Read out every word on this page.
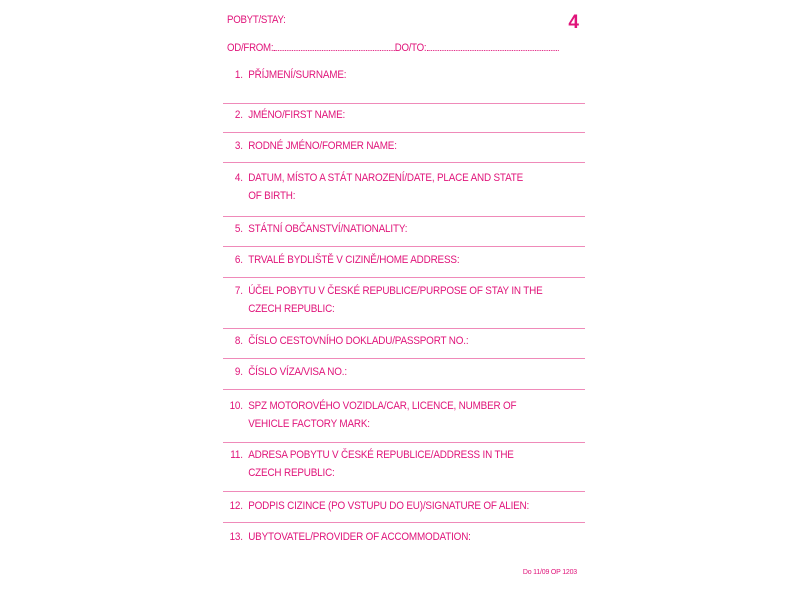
POBYT/STAY:	4
OD/FROM:	DO/TO:
1. PŘÍJMENÍ/SURNAME:
2. JMÉNO/FIRST NAME:
3. RODNÉ JMÉNO/FORMER NAME:
4. DATUM, MÍSTO A STÁT NAROZENÍ/DATE, PLACE AND STATE
OF BIRTH:
5. STÁTNÍ OBČANSTVÍ/NATIONALITY:
6. TRVALÉ BYDLIŠTĚ V CIZINĚ/HOME ADDRESS:
7. ÚČEL POBYTU V ČESKÉ REPUBLICE/PURPOSE OF STAY IN THE
CZECH REPUBLIC:
8. ČÍSLO CESTOVNÍHO DOKLADU/PASSPORT NO.:
9. ČÍSLO VÍZA/VISA NO.:
10. SPZ MOTOROVÉHO VOZIDLA/CAR, LICENCE, NUMBER OF
VEHICLE FACTORY MARK:
11. ADRESA POBYTU V ČESKÉ REPUBLICE/ADDRESS IN THE
CZECH REPUBLIC:
12. PODPIS CIZINCE (PO VSTUPU DO EU)/SIGNATURE OF ALIEN:
13. UBYTOVATEL/PROVIDER OF ACCOMMODATION:
Do 11/09 OP 1203
